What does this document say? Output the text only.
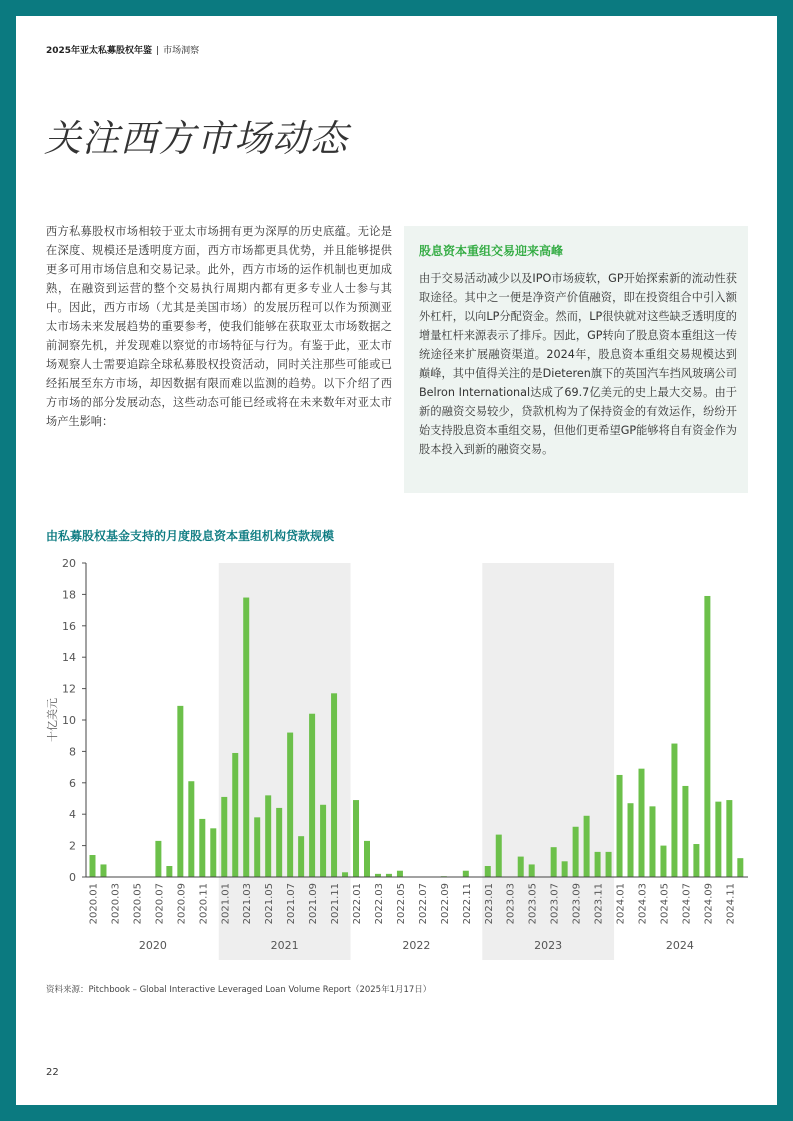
2025年亚太私募股权年鉴 | 市场洞察
关注西方市场动态
西方私募股权市场相较于亚太市场拥有更为深厚的历史底蕴。无论是在深度、规模还是透明度方面，西方市场都更具优势，并且能够提供更多可用市场信息和交易记录。此外，西方市场的运作机制也更加成熟，在融资到运营的整个交易执行周期内都有更多专业人士参与其中。因此，西方市场（尤其是美国市场）的发展历程可以作为预测亚太市场未来发展趋势的重要参考，使我们能够在获取亚太市场数据之前洞察先机，并发现难以察觉的市场特征与行为。有鉴于此，亚太市场观察人士需要追踪全球私募股权投资活动，同时关注那些可能或已经拓展至东方市场，却因数据有限而难以监测的趋势。以下介绍了西方市场的部分发展动态，这些动态可能已经或将在未来数年对亚太市场产生影响：
股息资本重组交易迎来高峰
由于交易活动减少以及IPO市场疲软，GP开始探索新的流动性获取途径。其中之一便是净资产价值融资，即在投资组合中引入额外杠杆，以向LP分配资金。然而，LP很快就对这些缺乏透明度的增量杠杆来源表示了排斥。因此，GP转向了股息资本重组这一传统途径来扩展融资渠道。2024年，股息资本重组交易规模达到巅峰，其中值得关注的是Dieteren旗下的英国汽车挡风玻璃公司Belron International达成了69.7亿美元的史上最大交易。由于新的融资交易较少，贷款机构为了保持资金的有效运作，纷纷开始支持股息资本重组交易，但他们更希望GP能够将自有资金作为股本投入到新的融资交易。
由私募股权基金支持的月度股息资本重组机构贷款规模
0
2
4
6
8
10
12
14
16
18
20
2020.01 2020.03 2020.05 2020.07 2020.09 2020.11 2021.01 2021.03 2021.05 2021.07 2021.09 2021.11 2022.01 2022.03 2022.05 2022.07 2022.09 2022.11 2023.01 2023.03 2023.05 2023.07 2023.09 2023.11 2024.01 2024.03 2024.05 2024.07 2024.09 2024.11
2020	2021	2022	2023	2024
十亿美元
资料来源：Pitchbook – Global Interactive Leveraged Loan Volume Report（2025年1月17日）
22
